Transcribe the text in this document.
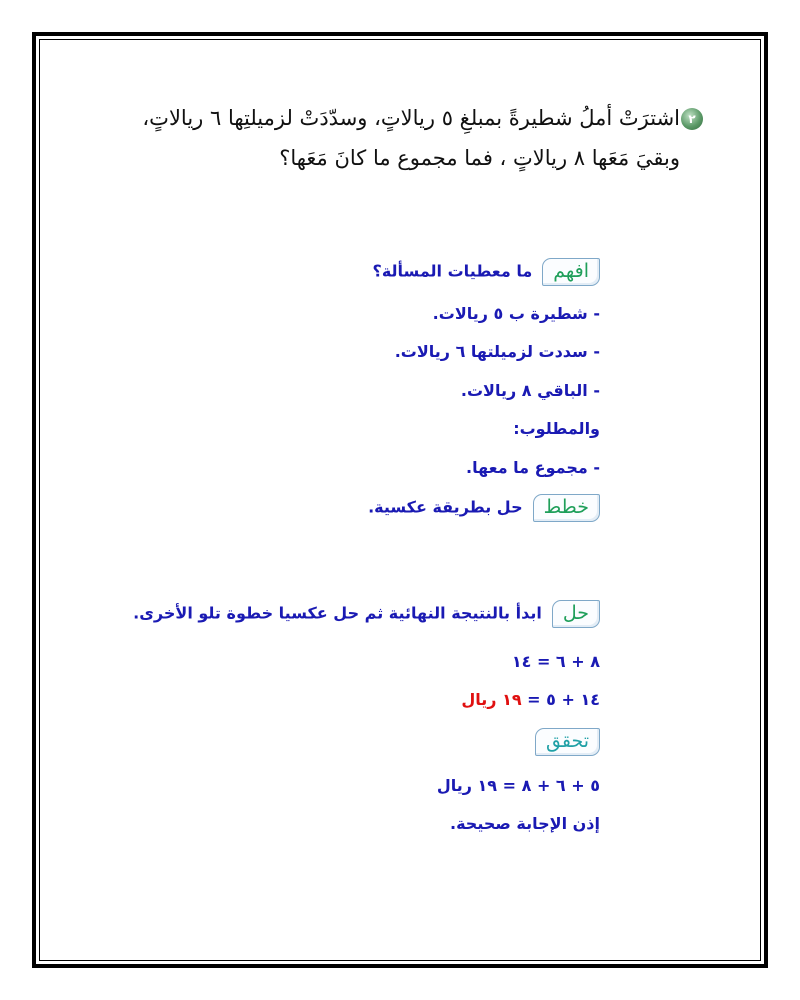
٢

اشترَتْ أملُ شطيرةً بمبلغِ ٥ ريالاتٍ، وسدّدَتْ لزميلتِها ٦ ريالاتٍ، وبقيَ مَعَها ٨ ريالاتٍ ، فما مجموع ما كانَ مَعَها؟

افهمما معطيات المسألة؟
- شطيرة ب ٥ ريالات.
- سددت لزميلتها ٦ ريالات.
- الباقي ٨ ريالات.
والمطلوب:
- مجموع ما معها.
خططحل بطريقة عكسية.
حلابدأ بالنتيجة النهائية ثم حل عكسيا خطوة تلو الأخرى.
٨ + ٦ = ١٤
١٤ + ٥ = ١٩ ريال
تحقق
٥ + ٦ + ٨ = ١٩ ريال
إذن الإجابة صحيحة.
